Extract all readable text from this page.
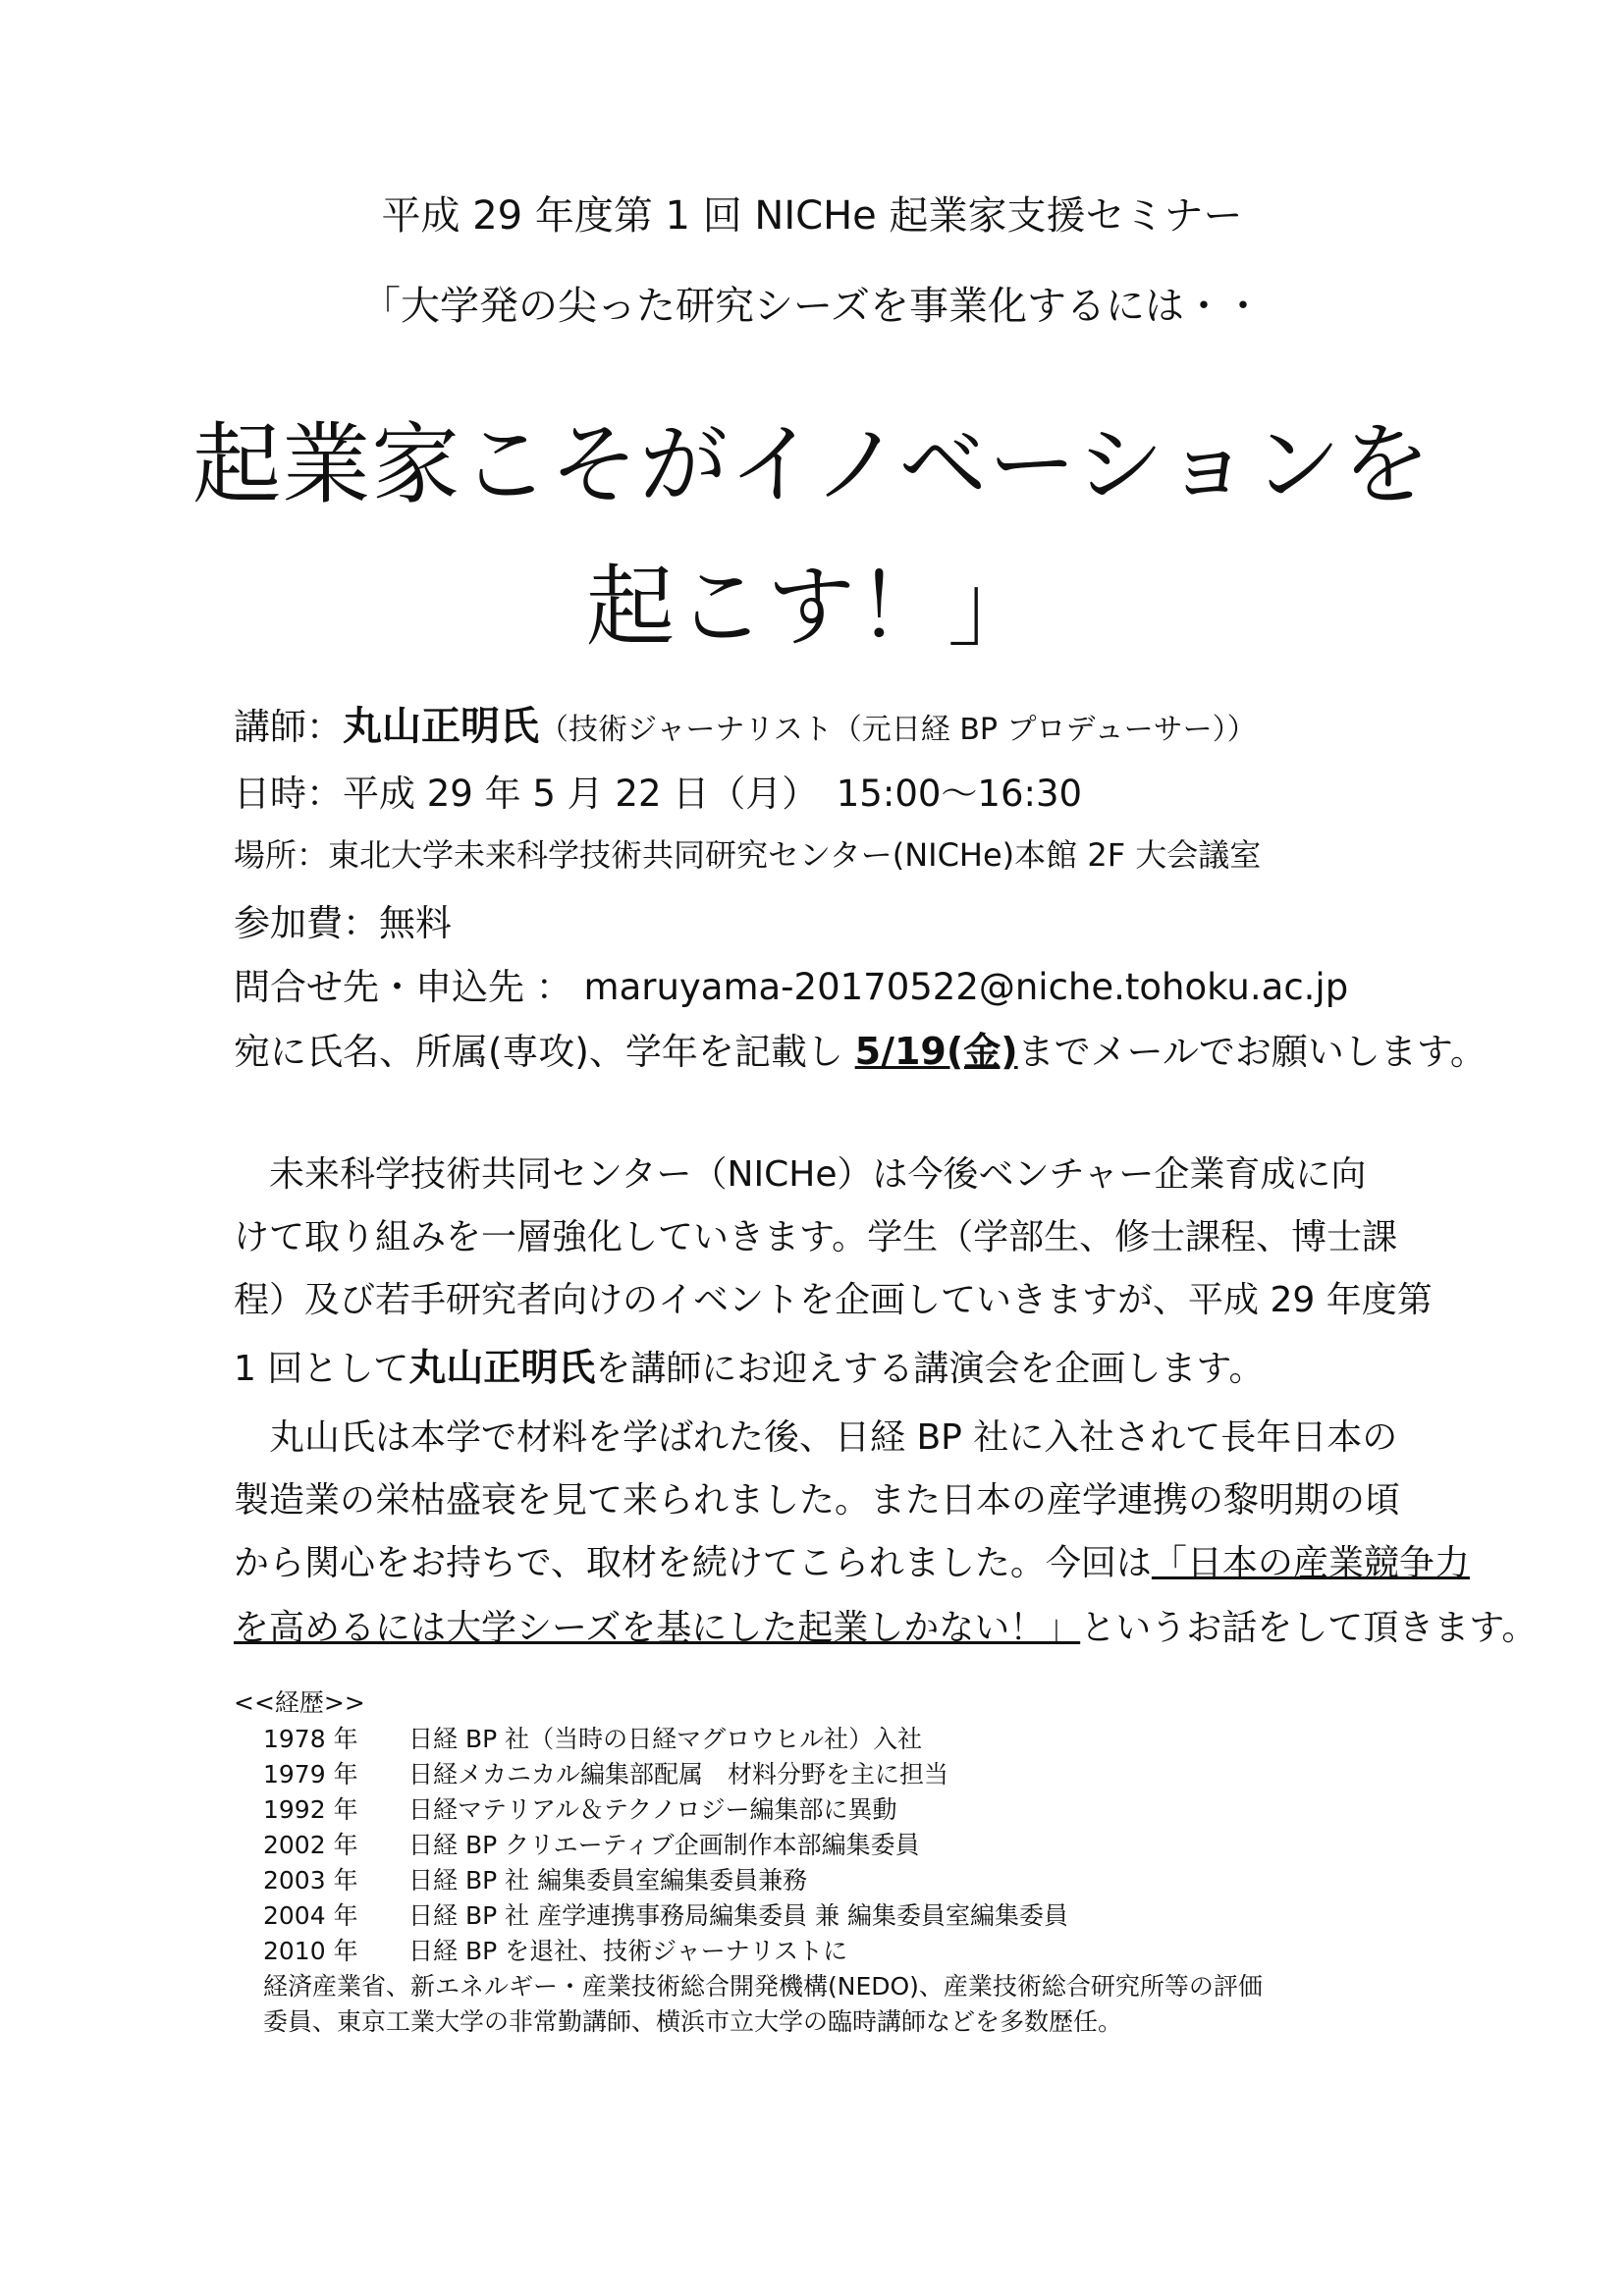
平成 29 年度第 1 回 NICHe 起業家支援セミナー
「大学発の尖った研究シーズを事業化するには・・
起業家こそがイノベーションを
起こす！」
講師：丸山正明氏（技術ジャーナリスト（元日経 BP プロデューサー））
日時：平成 29 年 5 月 22 日（月）　15:00～16:30
場所：東北大学未来科学技術共同研究センター(NICHe)本館 2F 大会議室
参加費：無料
問合せ先・申込先 ： maruyama-20170522@niche.tohoku.ac.jp
宛に氏名、所属(専攻)、学年を記載し 5/19(金)までメールでお願いします。
　未来科学技術共同センター（NICHe）は今後ベンチャー企業育成に向
けて取り組みを一層強化していきます。学生（学部生、修士課程、博士課
程）及び若手研究者向けのイベントを企画していきますが、平成 29 年度第
1 回として丸山正明氏を講師にお迎えする講演会を企画します。
　丸山氏は本学で材料を学ばれた後、日経 BP 社に入社されて長年日本の
製造業の栄枯盛衰を見て来られました。また日本の産学連携の黎明期の頃
から関心をお持ちで、取材を続けてこられました。今回は「日本の産業競争力
を高めるには大学シーズを基にした起業しかない！」というお話をして頂きます。
<<経歴>>
1978 年 日経 BP 社（当時の日経マグロウヒル社）入社
1979 年 日経メカニカル編集部配属　材料分野を主に担当
1992 年 日経マテリアル＆テクノロジー編集部に異動
2002 年 日経 BP クリエーティブ企画制作本部編集委員
2003 年 日経 BP 社 編集委員室編集委員兼務
2004 年 日経 BP 社 産学連携事務局編集委員 兼 編集委員室編集委員
2010 年 日経 BP を退社、技術ジャーナリストに
経済産業省、新エネルギー・産業技術総合開発機構(NEDO)、産業技術総合研究所等の評価
委員、東京工業大学の非常勤講師、横浜市立大学の臨時講師などを多数歴任。
